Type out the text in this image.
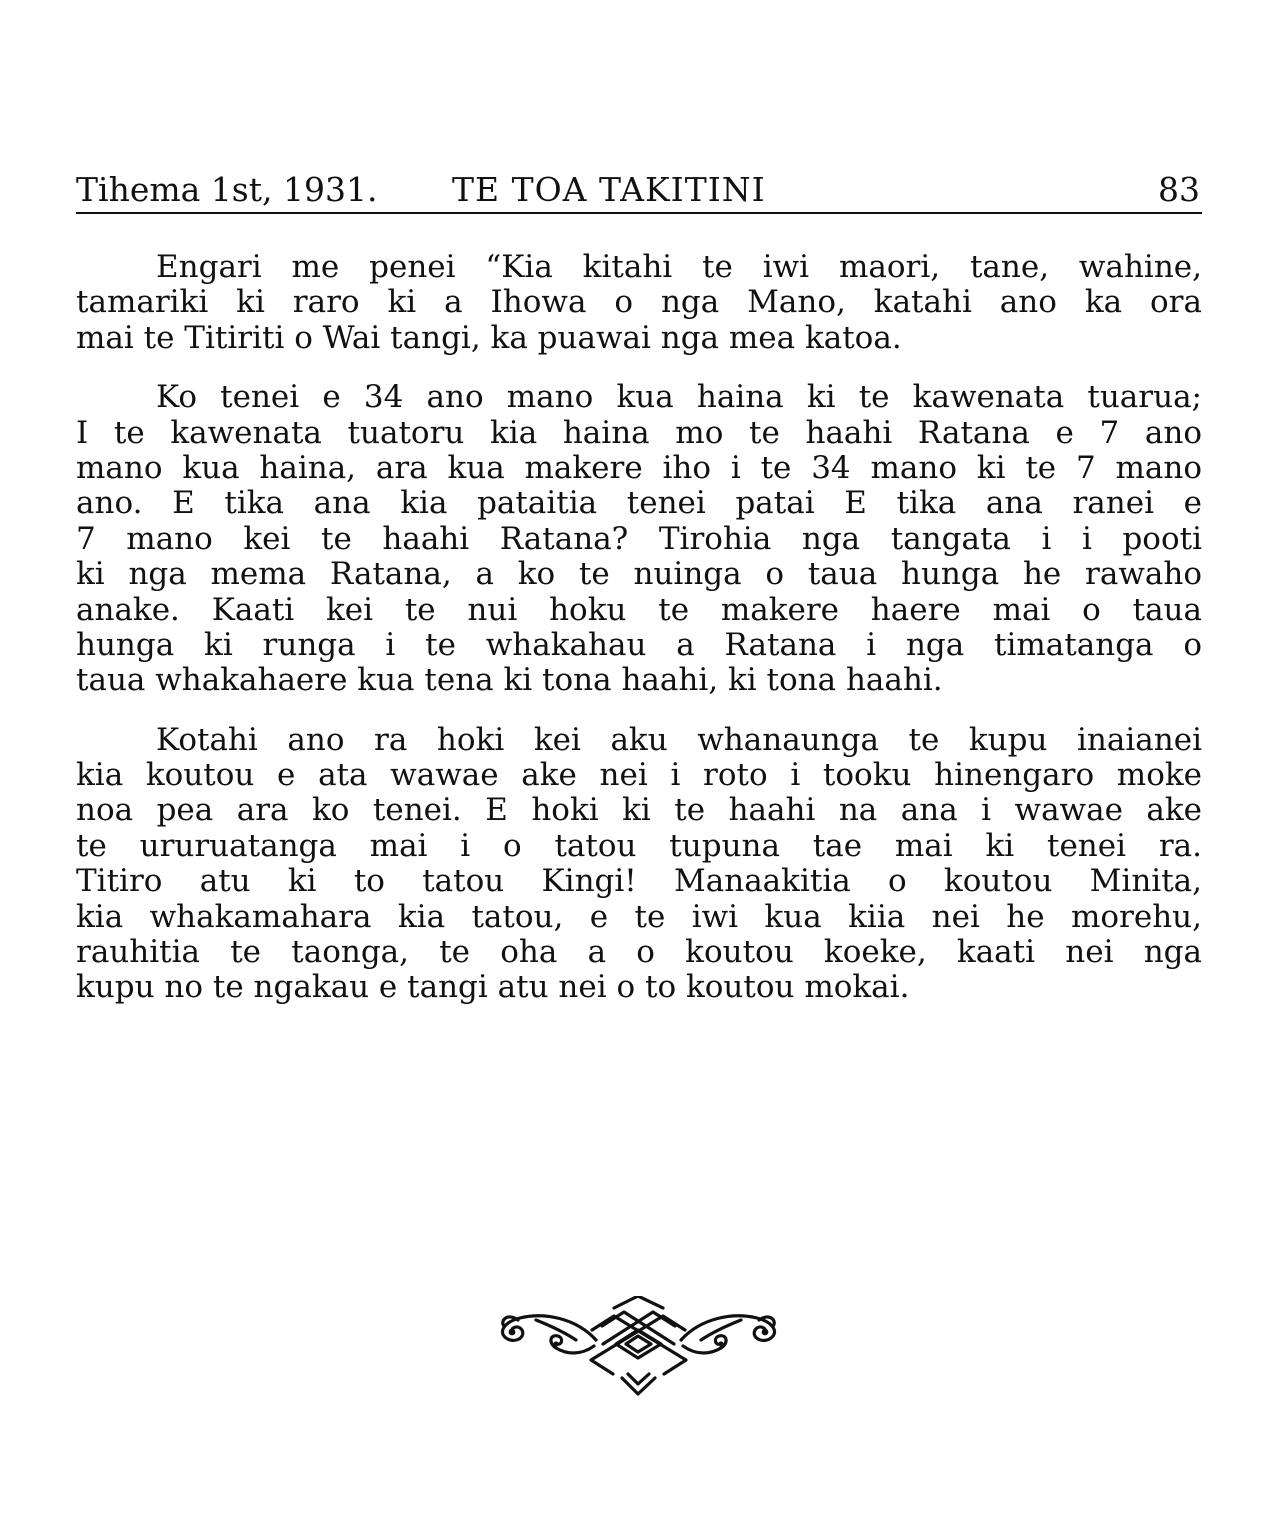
Tihema 1st, 1931. TE TOA TAKITINI	83

Engari me penei “Kia kitahi te iwi maori, tane, wahine,
tamariki ki raro ki a Ihowa o nga Mano, katahi ano ka ora
mai te Titiriti o Wai tangi, ka puawai nga mea katoa.

Ko tenei e 34 ano mano kua haina ki te kawenata tuarua;
I te kawenata tuatoru kia haina mo te haahi Ratana e 7 ano
mano kua haina, ara kua makere iho i te 34 mano ki te 7 mano
ano. E tika ana kia pataitia tenei patai E tika ana ranei e
7 mano kei te haahi Ratana? Tirohia nga tangata i i pooti
ki nga mema Ratana, a ko te nuinga o taua hunga he rawaho
anake. Kaati kei te nui hoku te makere haere mai o taua
hunga ki runga i te whakahau a Ratana i nga timatanga o
taua whakahaere kua tena ki tona haahi, ki tona haahi.

Kotahi ano ra hoki kei aku whanaunga te kupu inaianei
kia koutou e ata wawae ake nei i roto i tooku hinengaro moke
noa pea ara ko tenei. E hoki ki te haahi na ana i wawae ake
te ururuatanga mai i o tatou tupuna tae mai ki tenei ra.
Titiro atu ki to tatou Kingi! Manaakitia o koutou Minita,
kia whakamahara kia tatou, e te iwi kua kiia nei he morehu,
rauhitia te taonga, te oha a o koutou koeke, kaati nei nga
kupu no te ngakau e tangi atu nei o to koutou mokai.
